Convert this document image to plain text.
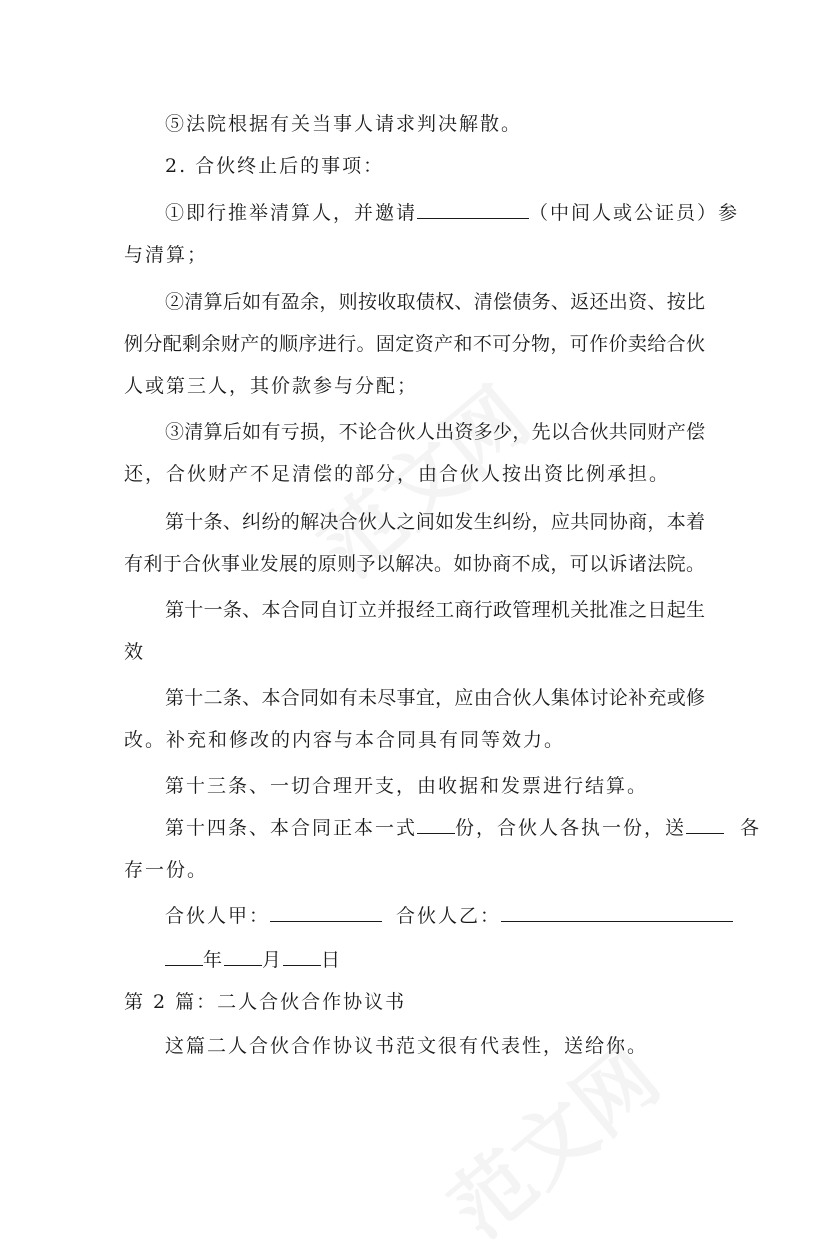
⑤法院根据有关当事人请求判决解散。
2. 合伙终止后的事项：
①即行推举清算人，并邀请	（中间人或公证员）参
与清算；
②清算后如有盈余，则按收取债权、清偿债务、返还出资、按比
例分配剩余财产的顺序进行。固定资产和不可分物，可作价卖给合伙
人或第三人，其价款参与分配；
③清算后如有亏损，不论合伙人出资多少，先以合伙共同财产偿
还，合伙财产不足清偿的部分，由合伙人按出资比例承担。
第十条、纠纷的解决合伙人之间如发生纠纷，应共同协商，本着
有利于合伙事业发展的原则予以解决。如协商不成，可以诉诸法院。
第十一条、本合同自订立并报经工商行政管理机关批准之日起生
效
第十二条、本合同如有未尽事宜，应由合伙人集体讨论补充或修
改。补充和修改的内容与本合同具有同等效力。
第十三条、一切合理开支，由收据和发票进行结算。
第十四条、本合同正本一式 份，合伙人各执一份，送	各
存一份。
合伙人甲：	合伙人乙：
年 月 日
第 2 篇：二人合伙合作协议书
这篇二人合伙合作协议书范文很有代表性，送给你。
